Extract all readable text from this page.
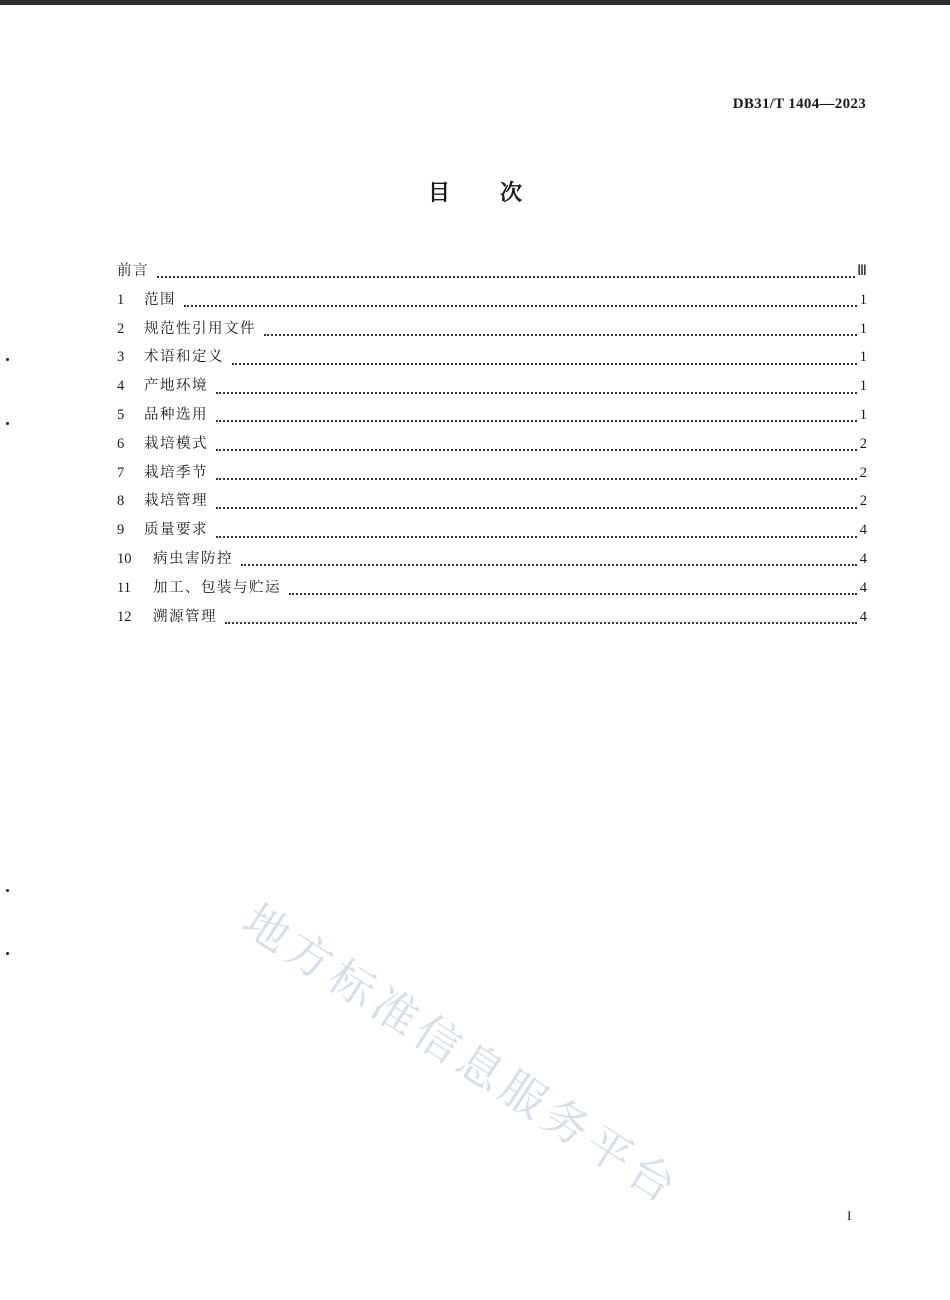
DB31/T 1404—2023
目次
前言	Ⅲ
1	范围	1
2	规范性引用文件	1
3	术语和定义	1
4	产地环境	1
5	品种选用	1
6	栽培模式	2
7	栽培季节	2
8	栽培管理	2
9	质量要求	4
10	病虫害防控	4
11	加工、包装与贮运	4
12	溯源管理	4
地方标准信息服务平台	I
